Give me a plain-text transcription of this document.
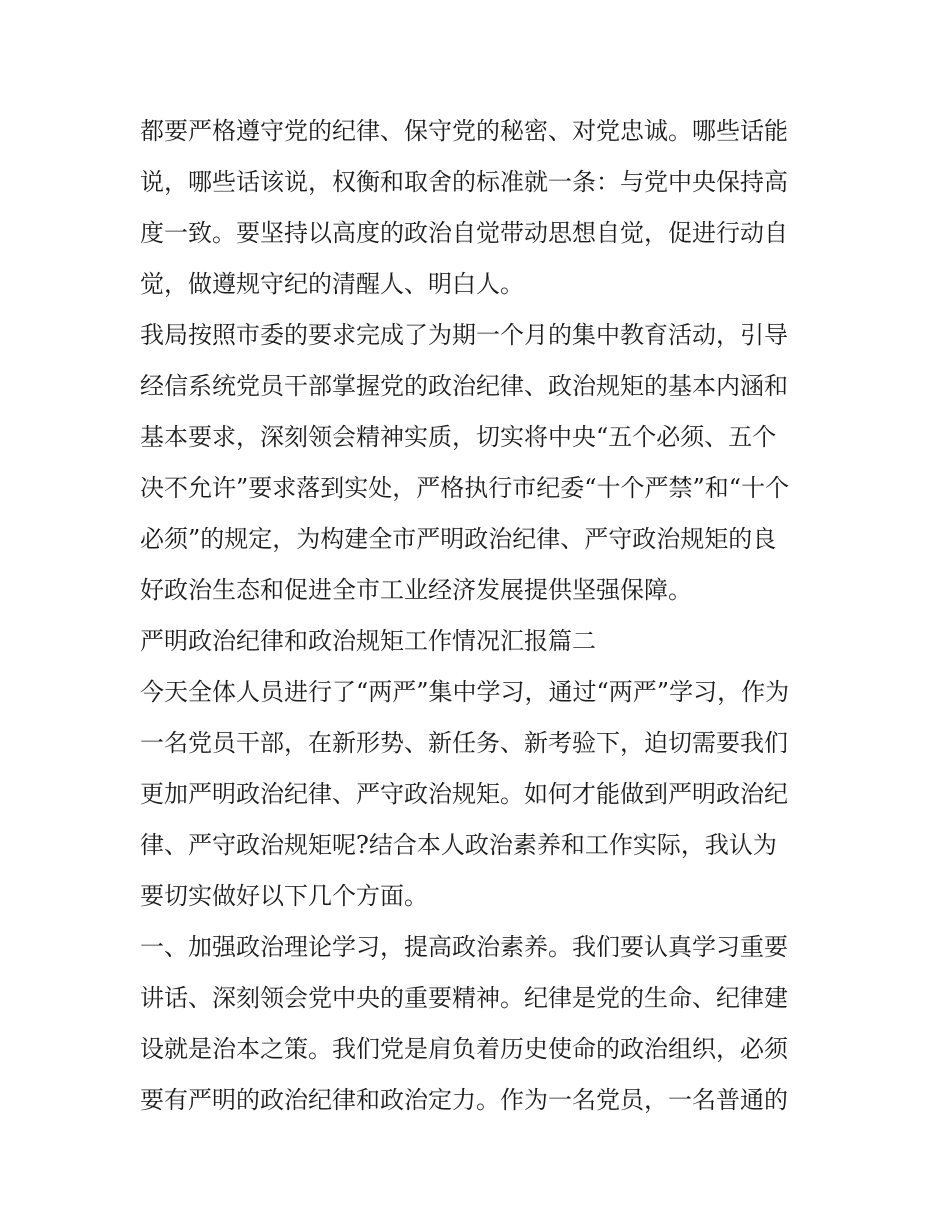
都要严格遵守党的纪律、保守党的秘密、对党忠诚。哪些话能
说，哪些话该说，权衡和取舍的标准就一条：与党中央保持高
度一致。要坚持以高度的政治自觉带动思想自觉，促进行动自
觉，做遵规守纪的清醒人、明白人。
我局按照市委的要求完成了为期一个月的集中教育活动，引导
经信系统党员干部掌握党的政治纪律、政治规矩的基本内涵和
基本要求，深刻领会精神实质，切实将中央“五个必须、五个
决不允许”要求落到实处，严格执行市纪委“十个严禁”和“十个
必须”的规定，为构建全市严明政治纪律、严守政治规矩的良
好政治生态和促进全市工业经济发展提供坚强保障。
严明政治纪律和政治规矩工作情况汇报篇二
今天全体人员进行了“两严”集中学习，通过“两严”学习，作为
一名党员干部，在新形势、新任务、新考验下，迫切需要我们
更加严明政治纪律、严守政治规矩。如何才能做到严明政治纪
律、严守政治规矩呢?结合本人政治素养和工作实际，我认为
要切实做好以下几个方面。
一、加强政治理论学习，提高政治素养。我们要认真学习重要
讲话、深刻领会党中央的重要精神。纪律是党的生命、纪律建
设就是治本之策。我们党是肩负着历史使命的政治组织，必须
要有严明的政治纪律和政治定力。作为一名党员，一名普通的
